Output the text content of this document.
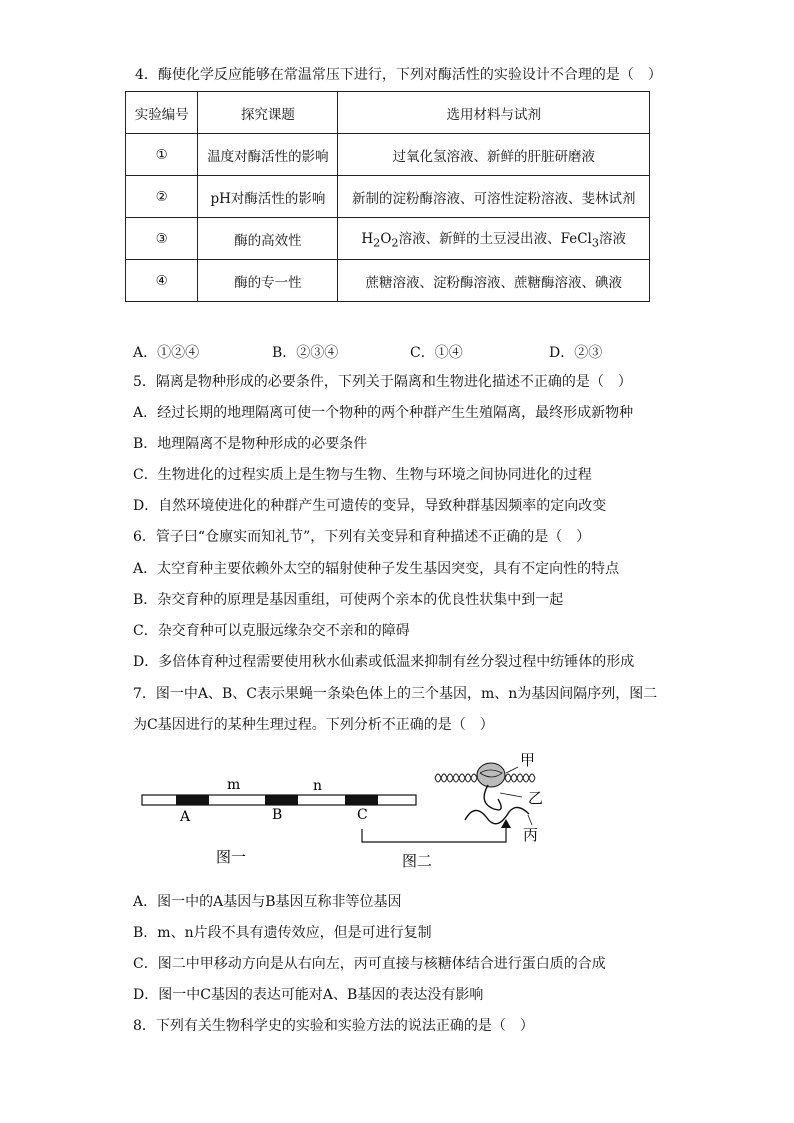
4．酶使化学反应能够在常温常压下进行，下列对酶活性的实验设计不合理的是（　）
实验编号	探究课题	选用材料与试剂
①	温度对酶活性的影响	过氧化氢溶液、新鲜的肝脏研磨液
②	pH对酶活性的影响	新制的淀粉酶溶液、可溶性淀粉溶液、斐林试剂
③	酶的高效性	$H_2O_2$溶液、新鲜的土豆浸出液、FeCl$_3$溶液
④	酶的专一性	蔗糖溶液、淀粉酶溶液、蔗糖酶溶液、碘液
A．①②④	B．②③④	C．①④	D．②③
5．隔离是物种形成的必要条件，下列关于隔离和生物进化描述不正确的是（　）
A．经过长期的地理隔离可使一个物种的两个种群产生生殖隔离，最终形成新物种
B．地理隔离不是物种形成的必要条件
C．生物进化的过程实质上是生物与生物、生物与环境之间协同进化的过程
D．自然环境使进化的种群产生可遗传的变异，导致种群基因频率的定向改变
6．管子曰“仓廪实而知礼节”，下列有关变异和育种描述不正确的是（　）
A．太空育种主要依赖外太空的辐射使种子发生基因突变，具有不定向性的特点
B．杂交育种的原理是基因重组，可使两个亲本的优良性状集中到一起
C．杂交育种可以克服远缘杂交不亲和的障碍
D．多倍体育种过程需要使用秋水仙素或低温来抑制有丝分裂过程中纺锤体的形成
7．图一中A、B、C表示果蝇一条染色体上的三个基因，m、n为基因间隔序列，图二
为C基因进行的某种生理过程。下列分析不正确的是（　）
m	n
A	B	C
图一
甲
乙
丙
图二
A．图一中的A基因与B基因互称非等位基因
B．m、n片段不具有遗传效应，但是可进行复制
C．图二中甲移动方向是从右向左，丙可直接与核糖体结合进行蛋白质的合成
D．图一中C基因的表达可能对A、B基因的表达没有影响
8．下列有关生物科学史的实验和实验方法的说法正确的是（　）
